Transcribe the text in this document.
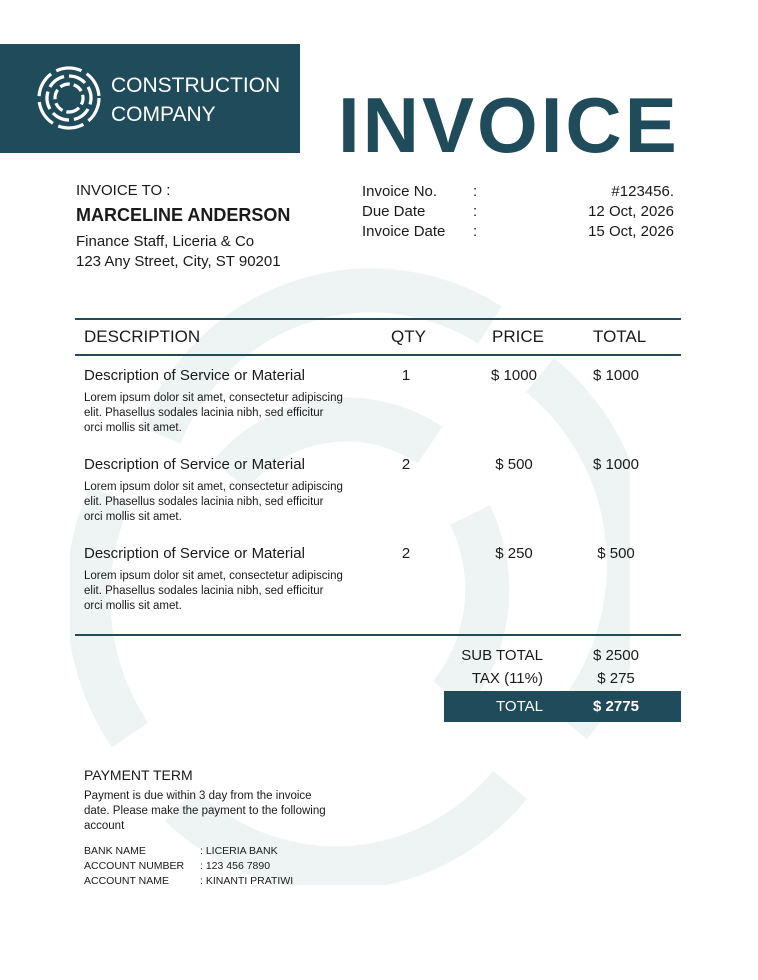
CONSTRUCTION
COMPANY	INVOICE
INVOICE TO :
MARCELINE ANDERSON
Finance Staff, Liceria & Co
123 Any Street, City, ST 90201
Invoice No. :	#123456.
Due Date	:	12 Oct, 2026
Invoice Date :	15 Oct, 2026
DESCRIPTION	QTY	PRICE	TOTAL
Description of Service or Material
Lorem ipsum dolor sit amet, consectetur adipiscing elit. Phasellus sodales lacinia nibh, sed efficitur orci mollis sit amet.
1	$ 1000	$ 1000
Description of Service or Material
Lorem ipsum dolor sit amet, consectetur adipiscing elit. Phasellus sodales lacinia nibh, sed efficitur orci mollis sit amet.
2	$ 500	$ 1000
Description of Service or Material
Lorem ipsum dolor sit amet, consectetur adipiscing elit. Phasellus sodales lacinia nibh, sed efficitur orci mollis sit amet.
2	$ 250	$ 500
SUB TOTAL	$ 2500
TAX (11%)	$ 275
TOTAL	$ 2775
PAYMENT TERM
Payment is due within 3 day from the invoice date. Please make the payment to the following account
BANK NAME	: LICERIA BANK
ACCOUNT NUMBER : 123 456 7890
ACCOUNT NAME	: KINANTI PRATIWI
